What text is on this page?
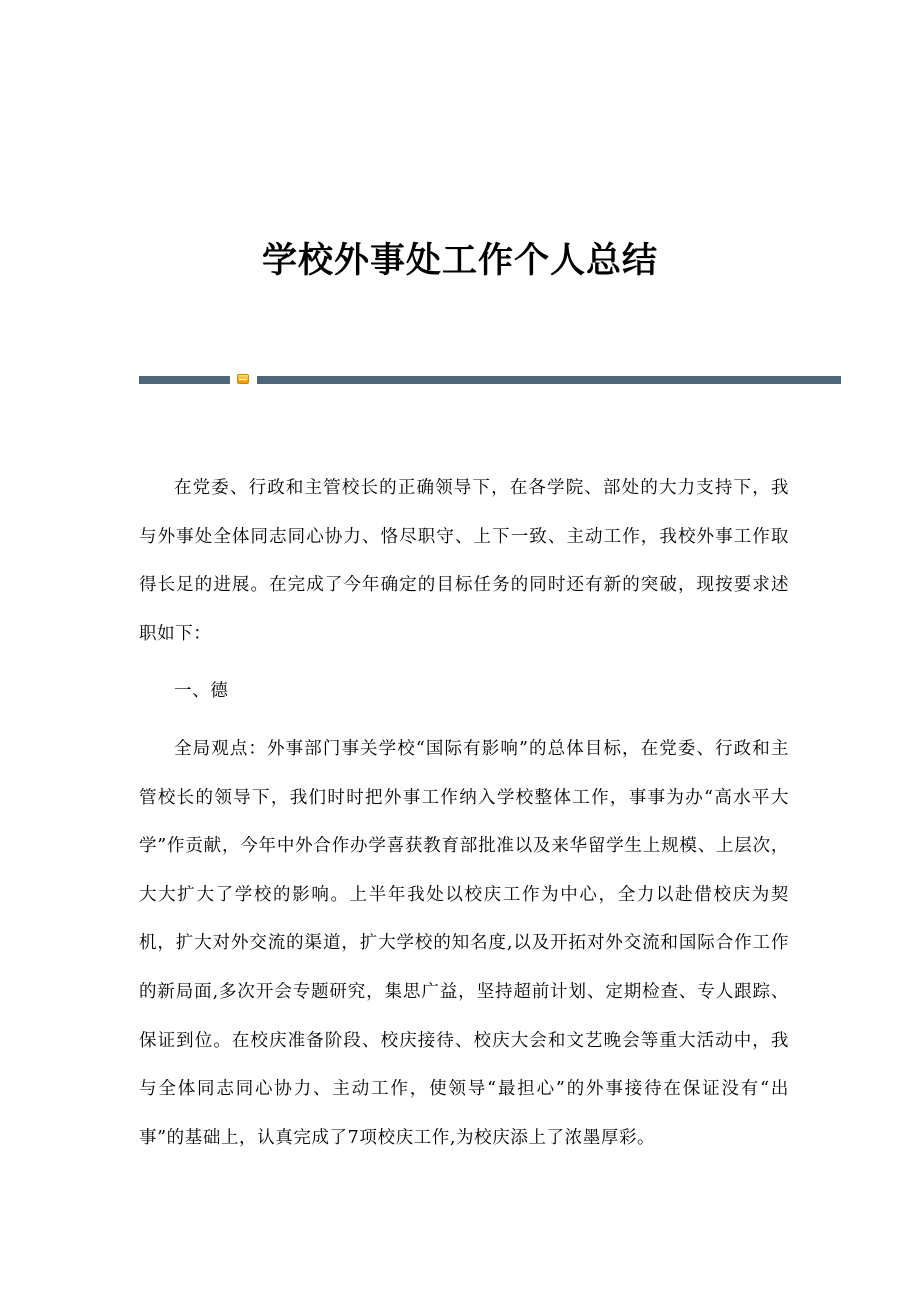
学校外事处工作个人总结

在党委、行政和主管校长的正确领导下，在各学院、部处的大力支持下，我与外事处全体同志同心协力、恪尽职守、上下一致、主动工作，我校外事工作取得长足的进展。在完成了今年确定的目标任务的同时还有新的突破，现按要求述职如下：

一、德

全局观点：外事部门事关学校“国际有影响”的总体目标，在党委、行政和主管校长的领导下，我们时时把外事工作纳入学校整体工作，事事为办“高水平大学”作贡献，今年中外合作办学喜获教育部批准以及来华留学生上规模、上层次，大大扩大了学校的影响。上半年我处以校庆工作为中心，全力以赴借校庆为契机，扩大对外交流的渠道，扩大学校的知名度,以及开拓对外交流和国际合作工作的新局面,多次开会专题研究，集思广益，坚持超前计划、定期检查、专人跟踪、保证到位。在校庆准备阶段、校庆接待、校庆大会和文艺晚会等重大活动中，我与全体同志同心协力、主动工作，使领导“最担心”的外事接待在保证没有“出事”的基础上，认真完成了7项校庆工作,为校庆添上了浓墨厚彩。
